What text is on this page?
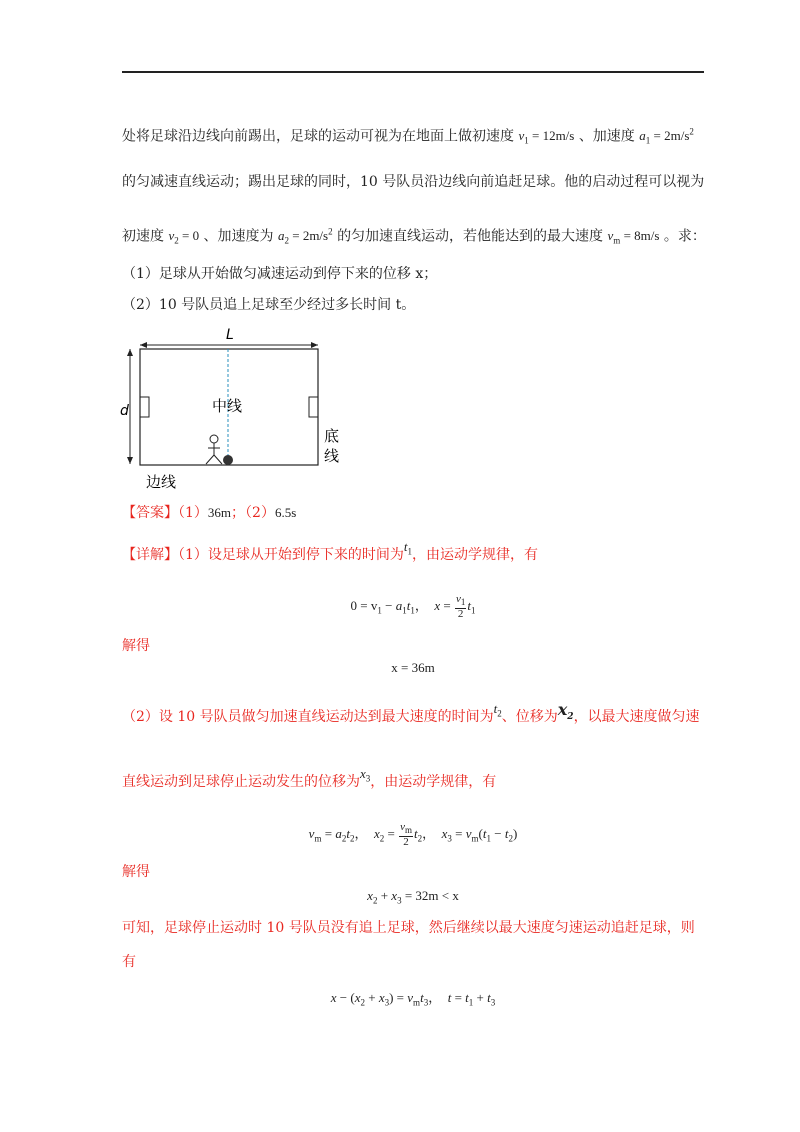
处将足球沿边线向前踢出，足球的运动可视为在地面上做初速度 $v_1 = 12m/s$ 、加速度 $a_1 = 2m/s^2$
的匀减速直线运动；踢出足球的同时，10 号队员沿边线向前追赶足球。他的启动过程可以视为
初速度 $v_2 = 0$ 、加速度为 $a_2 = 2m/s^2$ 的匀加速直线运动，若他能达到的最大速度 $v_m = 8m/s$ 。求：
（1）足球从开始做匀减速运动到停下来的位移 x；
（2）10 号队员追上足球至少经过多长时间 t。
L
d	中线
底
线
边线
【答案】（1）36m；（2）6.5s
【详解】（1）设足球从开始到停下来的时间为$t_1$，由运动学规律，有
$0 = v_1 - a_1t_1$，  $x = \frac{v_1}{2} t_1$
解得
x = 36m
（2）设 10 号队员做匀加速直线运动达到最大速度的时间为$t_2$、位移为$x_2$，以最大速度做匀速
直线运动到足球停止运动发生的位移为$x_3$，由运动学规律，有
$v_m = a_2t_2$，  $x_2 = \frac{v_m}{2} t_2$，  $x_3 = v_m(t_1 - t_2)$
解得
$x_2 + x_3 = 32m < x$
可知，足球停止运动时 10 号队员没有追上足球，然后继续以最大速度匀速运动追赶足球，则
有
$x - (x_2 + x_3) = v_mt_3$，  $t = t_1 + t_3$
